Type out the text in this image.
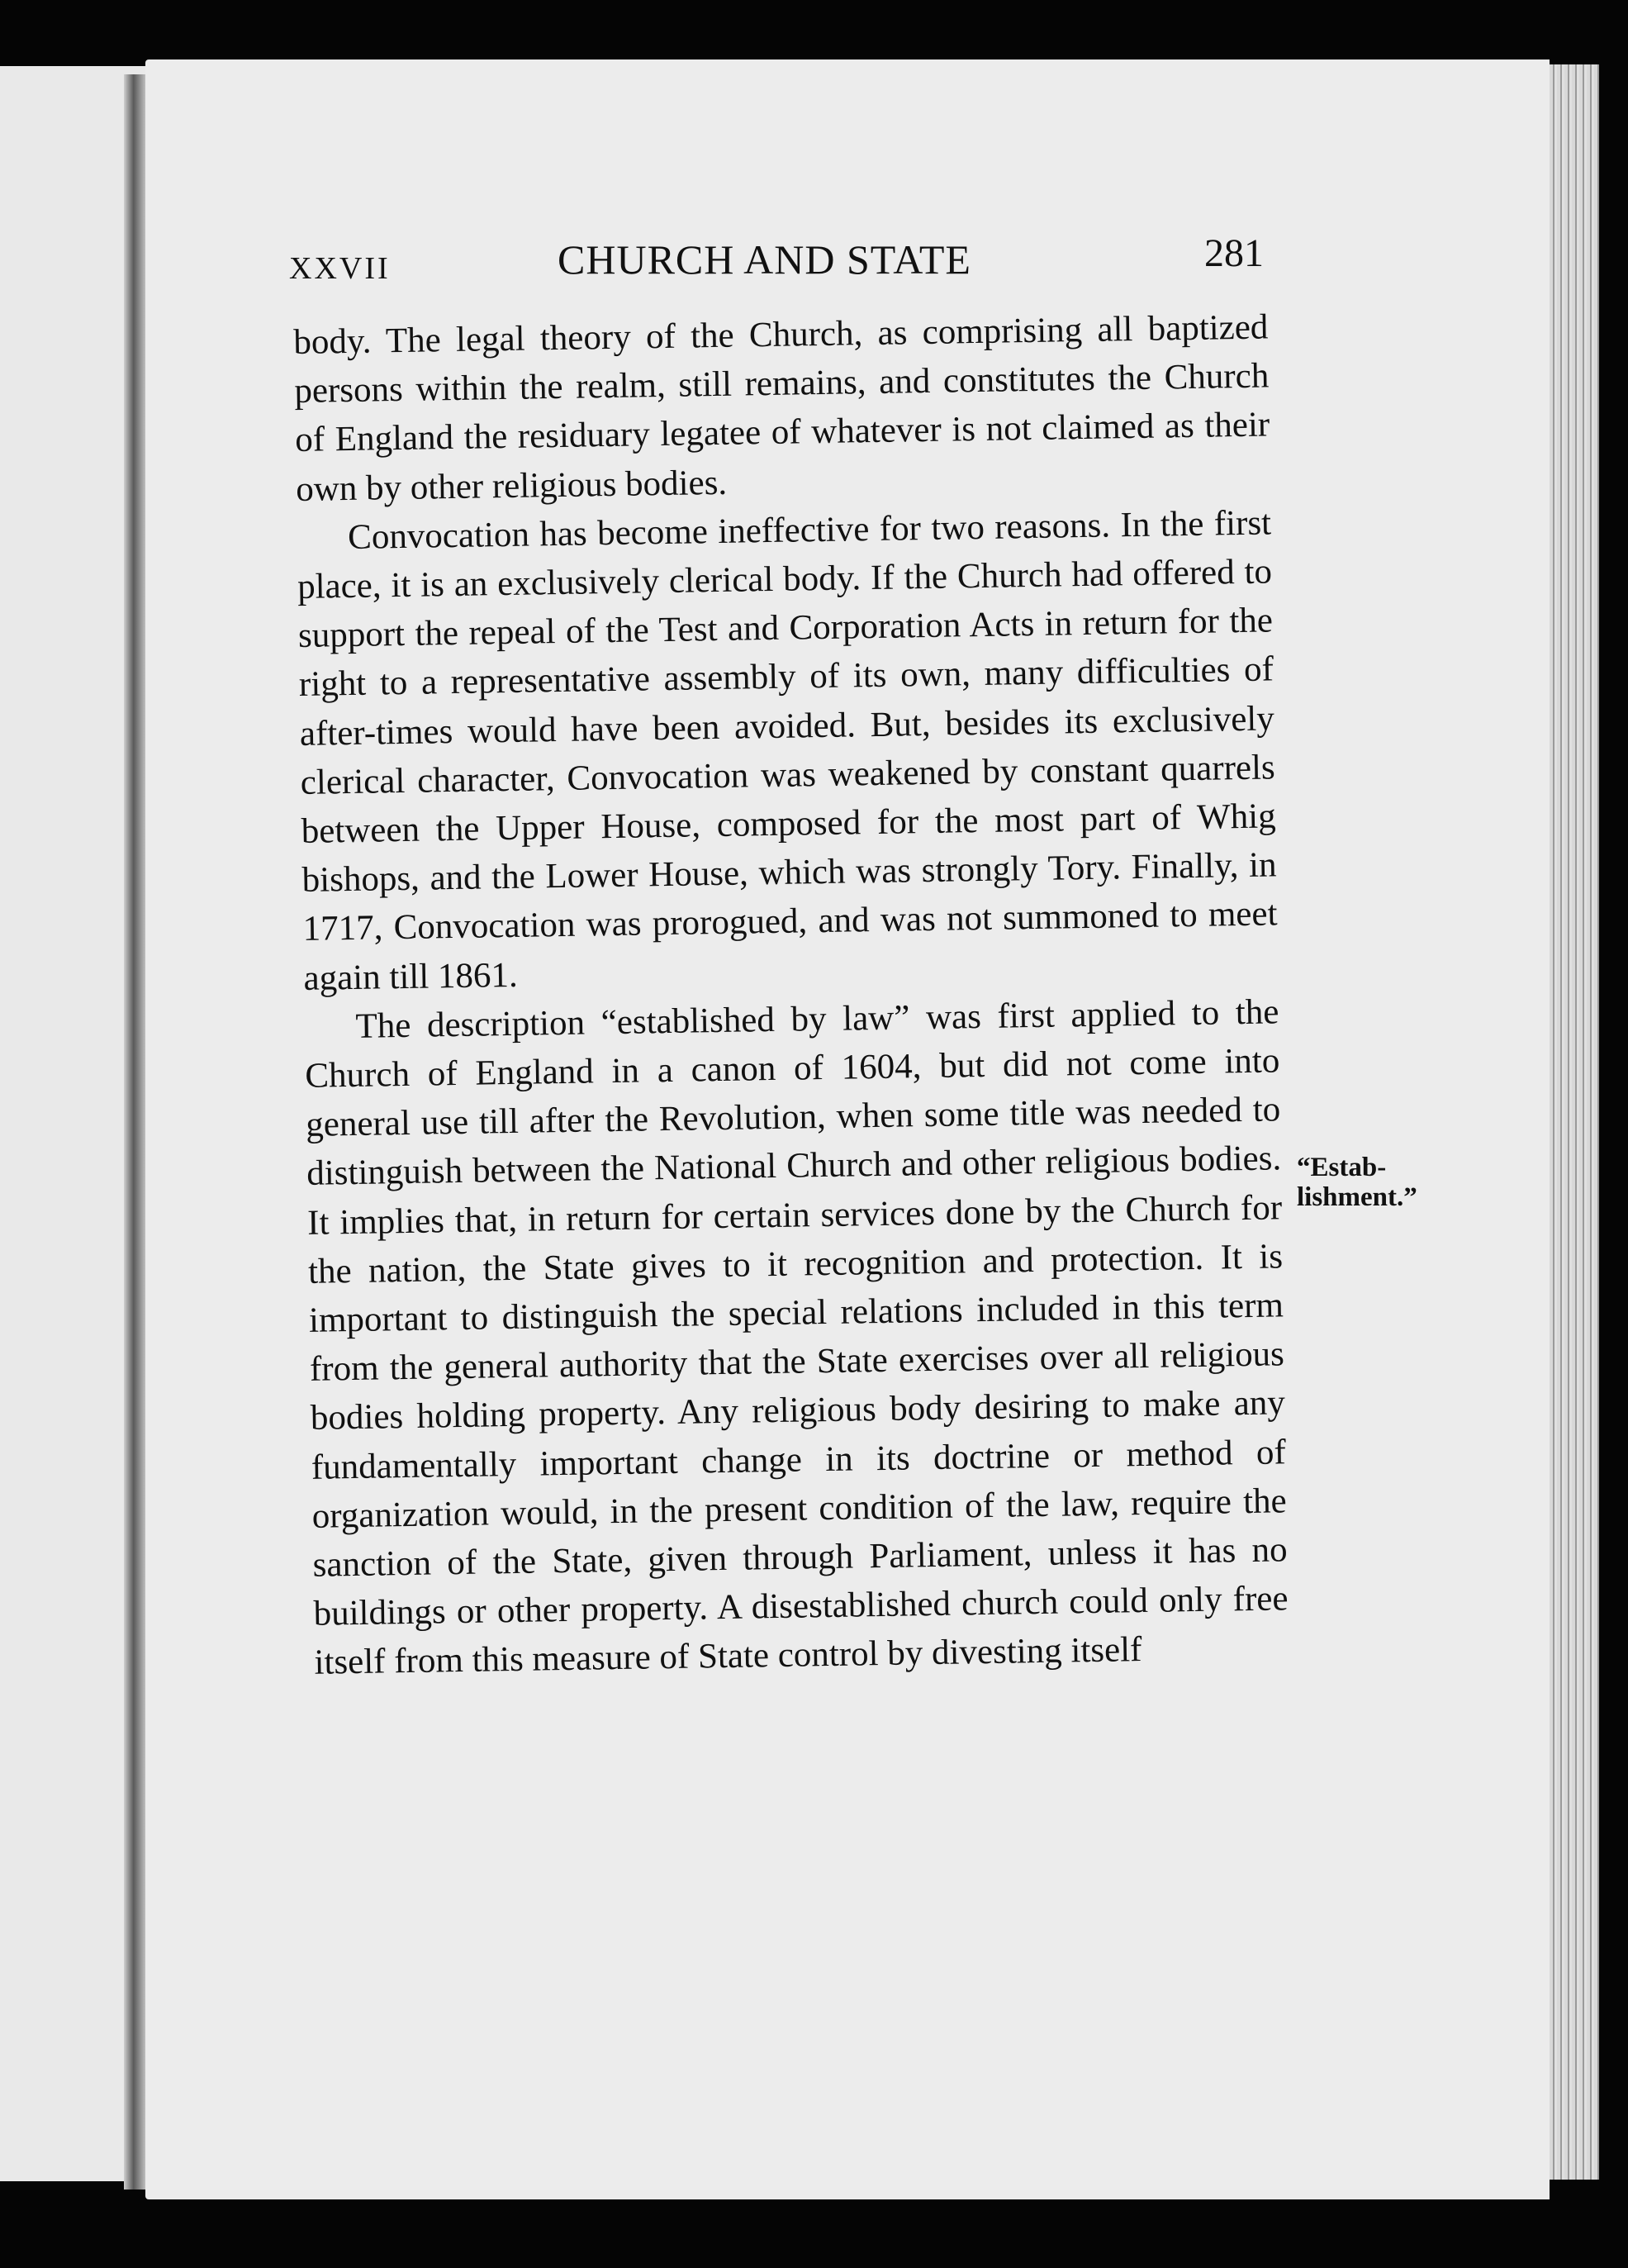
XXVII	CHURCH AND STATE	281

body. The legal theory of the Church, as comprising all baptized persons within the realm, still remains, and constitutes the Church of England the residuary legatee of whatever is not claimed as their own by other religious bodies.

Convocation has become ineffective for two reasons. In the first place, it is an exclusively clerical body. If the Church had offered to support the repeal of the Test and Corporation Acts in return for the right to a representative assembly of its own, many difficulties of after-times would have been avoided. But, besides its exclusively clerical character, Convocation was weakened by constant quarrels between the Upper House, composed for the most part of Whig bishops, and the Lower House, which was strongly Tory. Finally, in 1717, Convocation was prorogued, and was not summoned to meet again till 1861.

The description “established by law” was first applied to the Church of England in a canon of 1604, but did not come into general use till after the Revolution, when some title was needed to distinguish between the National Church and other religious bodies. It implies that, in return for certain services done by the Church for the nation, the State gives to it recognition and protection. It is important to distinguish the special relations included in this term from the general authority that the State exercises over all religious bodies holding property. Any religious body desiring to make any fundamentally important change in its doctrine or method of organization would, in the present condition of the law, require the sanction of the State, given through Parliament, unless it has no buildings or other property. A disestablished church could only free itself from this measure of State control by divesting itself

“Estab-
lishment.”
